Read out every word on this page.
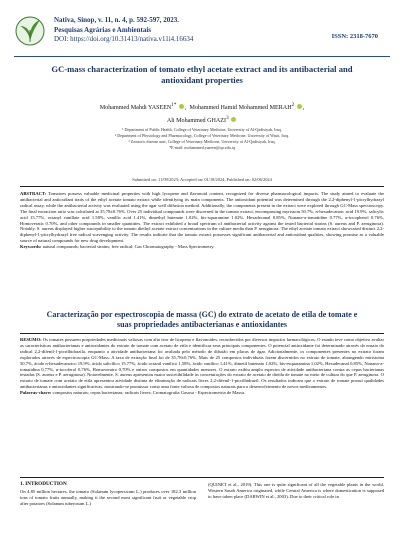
Nativa, Sinop, v. 11, n. 4, p. 592-597, 2023.
Pesquisas Agrárias e Ambientais
DOI: https://doi.org/10.31413/nativa.v11i4.16634	ISSN: 2318-7670
GC-mass characterization of tomato ethyl acetate extract and its antibacterial and antioxidant properties
Mohammed Mahdi $YASEEN^{1*}$ ,  Mohammed Hamid Mohammed MERAH$^2$ ,
Ali Mohammed GHAZI$^3$
¹ Department of Public Health, College of Veterinary Medicine, University of Al-Qadisiyah, Iraq.
² Department of Physiology and Pharmacology, College of Veterinary Medicine, University of Wasit, Iraq.
³ Zoonotic disease unit, College of Veterinary Medicine, University of Al-Qadisiyah, Iraq.
*E-mail: mohammed.yaseen@qu.edu.iq
Submitted on: 11/09/2023; Accepted on: 01/18/2024; Published on: 02/06/2024
ABSTRACT: Tomatoes possess valuable medicinal properties with high lycopene and flavonoid content, recognized for diverse pharmacological impacts. The study aimed to evaluate the antibacterial and antioxidant traits of the ethyl acetate tomato extract while identifying its main components. The antioxidant potential was determined through the 2,2-diphenyl-1-picrylhydrazyl radical assay, while the antibacterial activity was evaluated using the agar well diffusion method. Additionally, the components present in the extract were explored through GC-Mass spectroscopy. The final extraction ratio was calculated at 35.78±0.76%. Over 25 individual compounds were discerned in the tomato extract, encompassing myristoin 50.7%, n-hexadecanoic acid 19.9%, salicylic acid 15.77%, octanyl vanillate acid 1.58%, vanillic acid 1.41%, dimethyl butenate 1.02%, bis-squaramine 1.02%, Hexadecanal 0.85%, Nonane-a-tomatidine 0.77%, α-tocopherol 0.76%, Homoveratic 0.70%, and other compounds in smaller quantities. The extract exhibited a broad spectrum of antibacterial activity against the tested bacterial strains (S. aureus and P. aeruginosa). Notably, S. aureus displayed higher susceptibility to the tomato diethyl acetate extract concentrations in the culture media than P. aeruginosa. The ethyl acetate tomato extract showcased distinct 2,2-diphenyl-1-picrylhydrazyl free radical scavenging activity. The results indicate that the tomato extract possesses significant antibacterial and antioxidant qualities, showing promise as a valuable source of natural compounds for new drug development.
Keywords: natural compounds; bacterial strains; free radical; Gas Chromatography - Mass Spectrometry.
Caracterização por espectroscopia de massa (GC) do extrato de acetato de etila de tomate e suas propriedades antibacterianas e antioxidantes
RESUMO: Os tomates possuem propriedades medicinais valiosas com alto teor de licopeno e flavonoides, reconhecidos por diversos impactos farmacológicos. O estudo teve como objetivo avaliar as características antibacterianas e antioxidantes do extrato de tomate com acetato de etila e identificar seus principais componentes. O potencial antioxidante foi determinado através do ensaio do radical 2,2-difenil-1-picrilhidrazila, enquanto a atividade antibacteriana foi avaliada pelo método de difusão em placas de ágar. Adicionalmente, os componentes presentes no extrato foram explorados através de espectroscopia GC-Mass. A taxa de extração final foi de 35,78±0,76%. Mais de 25 compostos individuais foram discernidos no extrato de tomate, abrangendo miristoina 50,7%, ácido n-hexadecanoico 19,9%, ácido salicílico 15,77%, ácido octanil vanílico 1,58%, ácido vanílico 1,41%, dimetil butenato 1,02%, bis-esquaramina 1,02%, Hexadecanal 0,85%, Nonano-a-tomatidina 0,77%, α-tocoferol 0,76%, Homoveratro 0,70% e outros compostos em quantidades menores. O extrato exibiu amplo espectro de atividade antibacteriana contra as cepas bacterianas testadas (S. aureus e P. aeruginosa). Notavelmente, S. aureus apresentou maior suscetibilidade às concentrações do extrato de acetato de dietila de tomate no meio de cultura do que P. aeruginosa. O extrato de tomate com acetato de etila apresentou atividade distinta de eliminação de radicais livres 2,2-difenil-1-picrilhidrazil. Os resultados indicam que o extrato de tomate possui qualidades antibacterianas e antioxidantes significativas, mostrando-se promissor como uma fonte valiosa de compostos naturais para o desenvolvimento de novos medicamentos.
Palavras-chave: compostos naturais; cepas bacterianas; radicais livres; Cromatografia Gasosa - Espectrometria de Massa.
1. INTRODUCTION
On 4.85 million hectares, the tomato (Solanum lycopersicum L.) produces over 182.3 million tons of tomato fruits annually, making it the second most significant fruit or vegetable crop after potatoes (Solanum tuberosum L.)
(QUINET et al., 2019). This one is quite significant of all the vegetable plants in the world. Western South America originated, while Central America is where domestication is supposed to have taken place (DARWIN et al., 2003). Due to their critical role in
